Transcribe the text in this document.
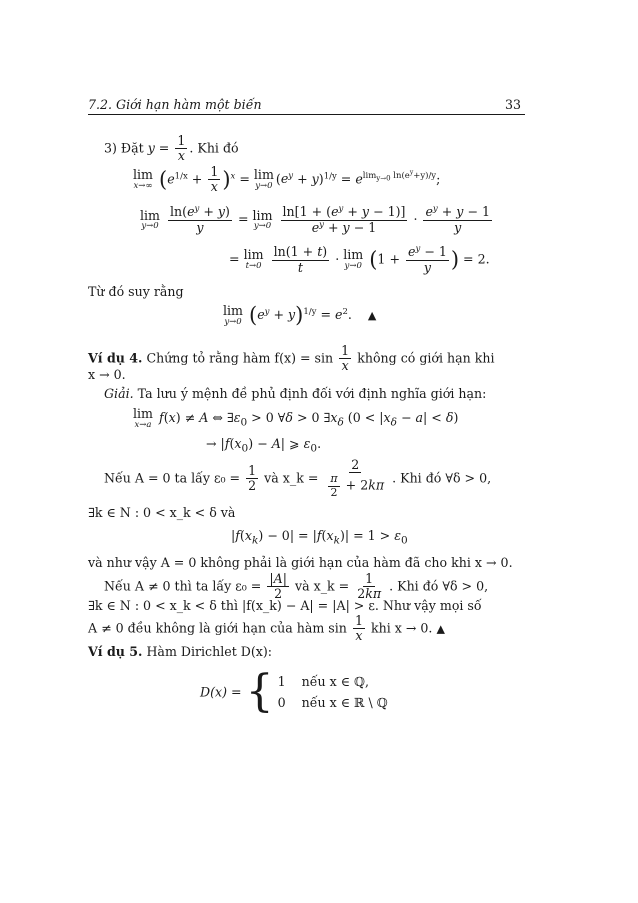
7.2. Giới hạn hàm một biến	33
3) Đặt $y = \frac{1}{x}$ . Khi đó
lim
x→∞ $(e^{1/x} + \frac{1}{x} )^x = \lim$
y→0 $(e^y + y)^{1/y} = e^{lim_{y\to 0} ln(e^y+y)/y}$;
lim
y→0
$\frac{\ln(e^y + y)}{y} = \lim$
y→0
$\frac{\ln[1 + (e^y + y - 1)]}{e^y + y - 1} \cdot \frac{e^y + y - 1}{y}$
= lim
t→0
$\frac{\ln(1 + t)}{t} \cdot \lim$
y→0 ($1 + \frac{e^y - 1}{y}$ ) = 2.
Từ đó suy rằng
lim
y→0 $(e^y + y)^{1/y} = e^2$.    ▲
Ví dụ 4. Chứng tỏ rằng hàm $f(x) = \sin \frac{1}{x}$ không có giới hạn khi
x → 0.
Giải. Ta lưu ý mệnh đề phủ định đối với định nghĩa giới hạn:
lim
x→a f(x) ≠ A ⇔ $\exists\varepsilon_0 > 0$ ∀δ > 0 $\exists x_\delta$ $(0 < |x_\delta - a| < \delta)$
→ $|f(x_0) - A|$ ⩾ $\varepsilon_0$.
Nếu A = 0 ta lấy $\varepsilon_0 = \frac{1}{2}$ và x_k = $\frac{2}{\frac{\pi}{2} + 2k\pi}$ . Khi đó ∀δ > 0,
∃k ∈ N : 0 < x_k < δ và
$|f(x_k) - 0| = |f(x_k)| = 1 > \varepsilon_0$
và như vậy A = 0 không phải là giới hạn của hàm đã cho khi x → 0.
Nếu A ≠ 0 thì ta lấy $\varepsilon_0 = \frac{|A|}{2}$ và x_k = $\frac{1}{2k\pi}$ . Khi đó ∀δ > 0,
∃k ∈ N : 0 < x_k < δ thì |f(x_k) − A| = |A| > ε. Như vậy mọi số
A ≠ 0 đều không là giới hạn của hàm $\sin \frac{1}{x}$ khi x → 0. ▲
Ví dụ 5. Hàm Dirichlet D(x):
D(x) = { 1 nếu x ∈ ℚ,
0 nếu x ∈ ℝ \ ℚ
